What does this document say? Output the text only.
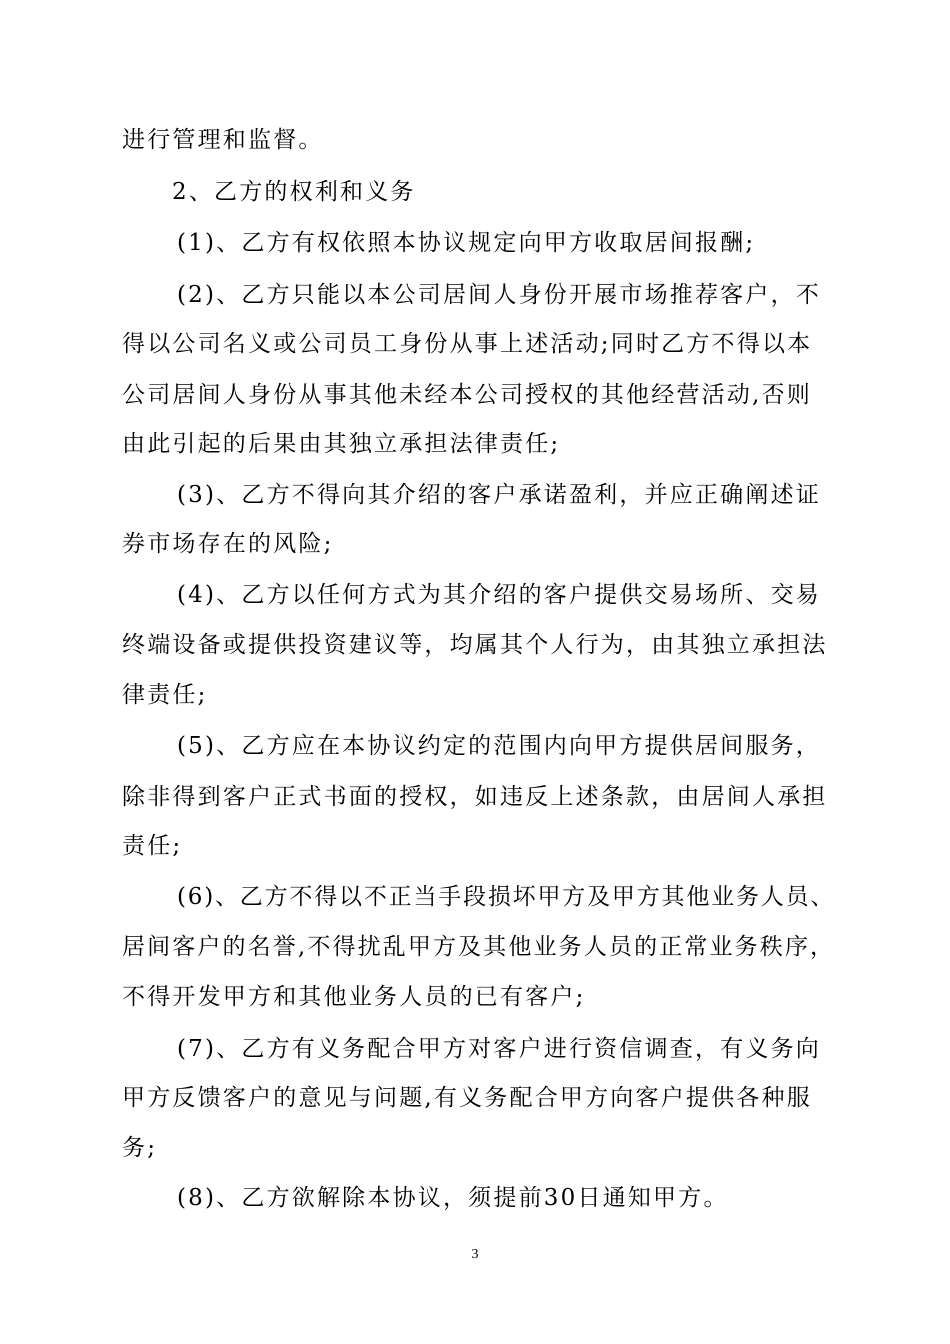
进行管理和监督。

2、乙方的权利和义务

(1)、乙方有权依照本协议规定向甲方收取居间报酬;

(2)、乙方只能以本公司居间人身份开展市场推荐客户，不

得以公司名义或公司员工身份从事上述活动;同时乙方不得以本

公司居间人身份从事其他未经本公司授权的其他经营活动,否则

由此引起的后果由其独立承担法律责任;

(3)、乙方不得向其介绍的客户承诺盈利，并应正确阐述证

券市场存在的风险;

(4)、乙方以任何方式为其介绍的客户提供交易场所、交易

终端设备或提供投资建议等，均属其个人行为，由其独立承担法

律责任;

(5)、乙方应在本协议约定的范围内向甲方提供居间服务，

除非得到客户正式书面的授权，如违反上述条款，由居间人承担

责任;

(6)、乙方不得以不正当手段损坏甲方及甲方其他业务人员、

居间客户的名誉,不得扰乱甲方及其他业务人员的正常业务秩序，

不得开发甲方和其他业务人员的已有客户;

(7)、乙方有义务配合甲方对客户进行资信调查，有义务向

甲方反馈客户的意见与问题,有义务配合甲方向客户提供各种服

务;

(8)、乙方欲解除本协议，须提前30日通知甲方。

3
